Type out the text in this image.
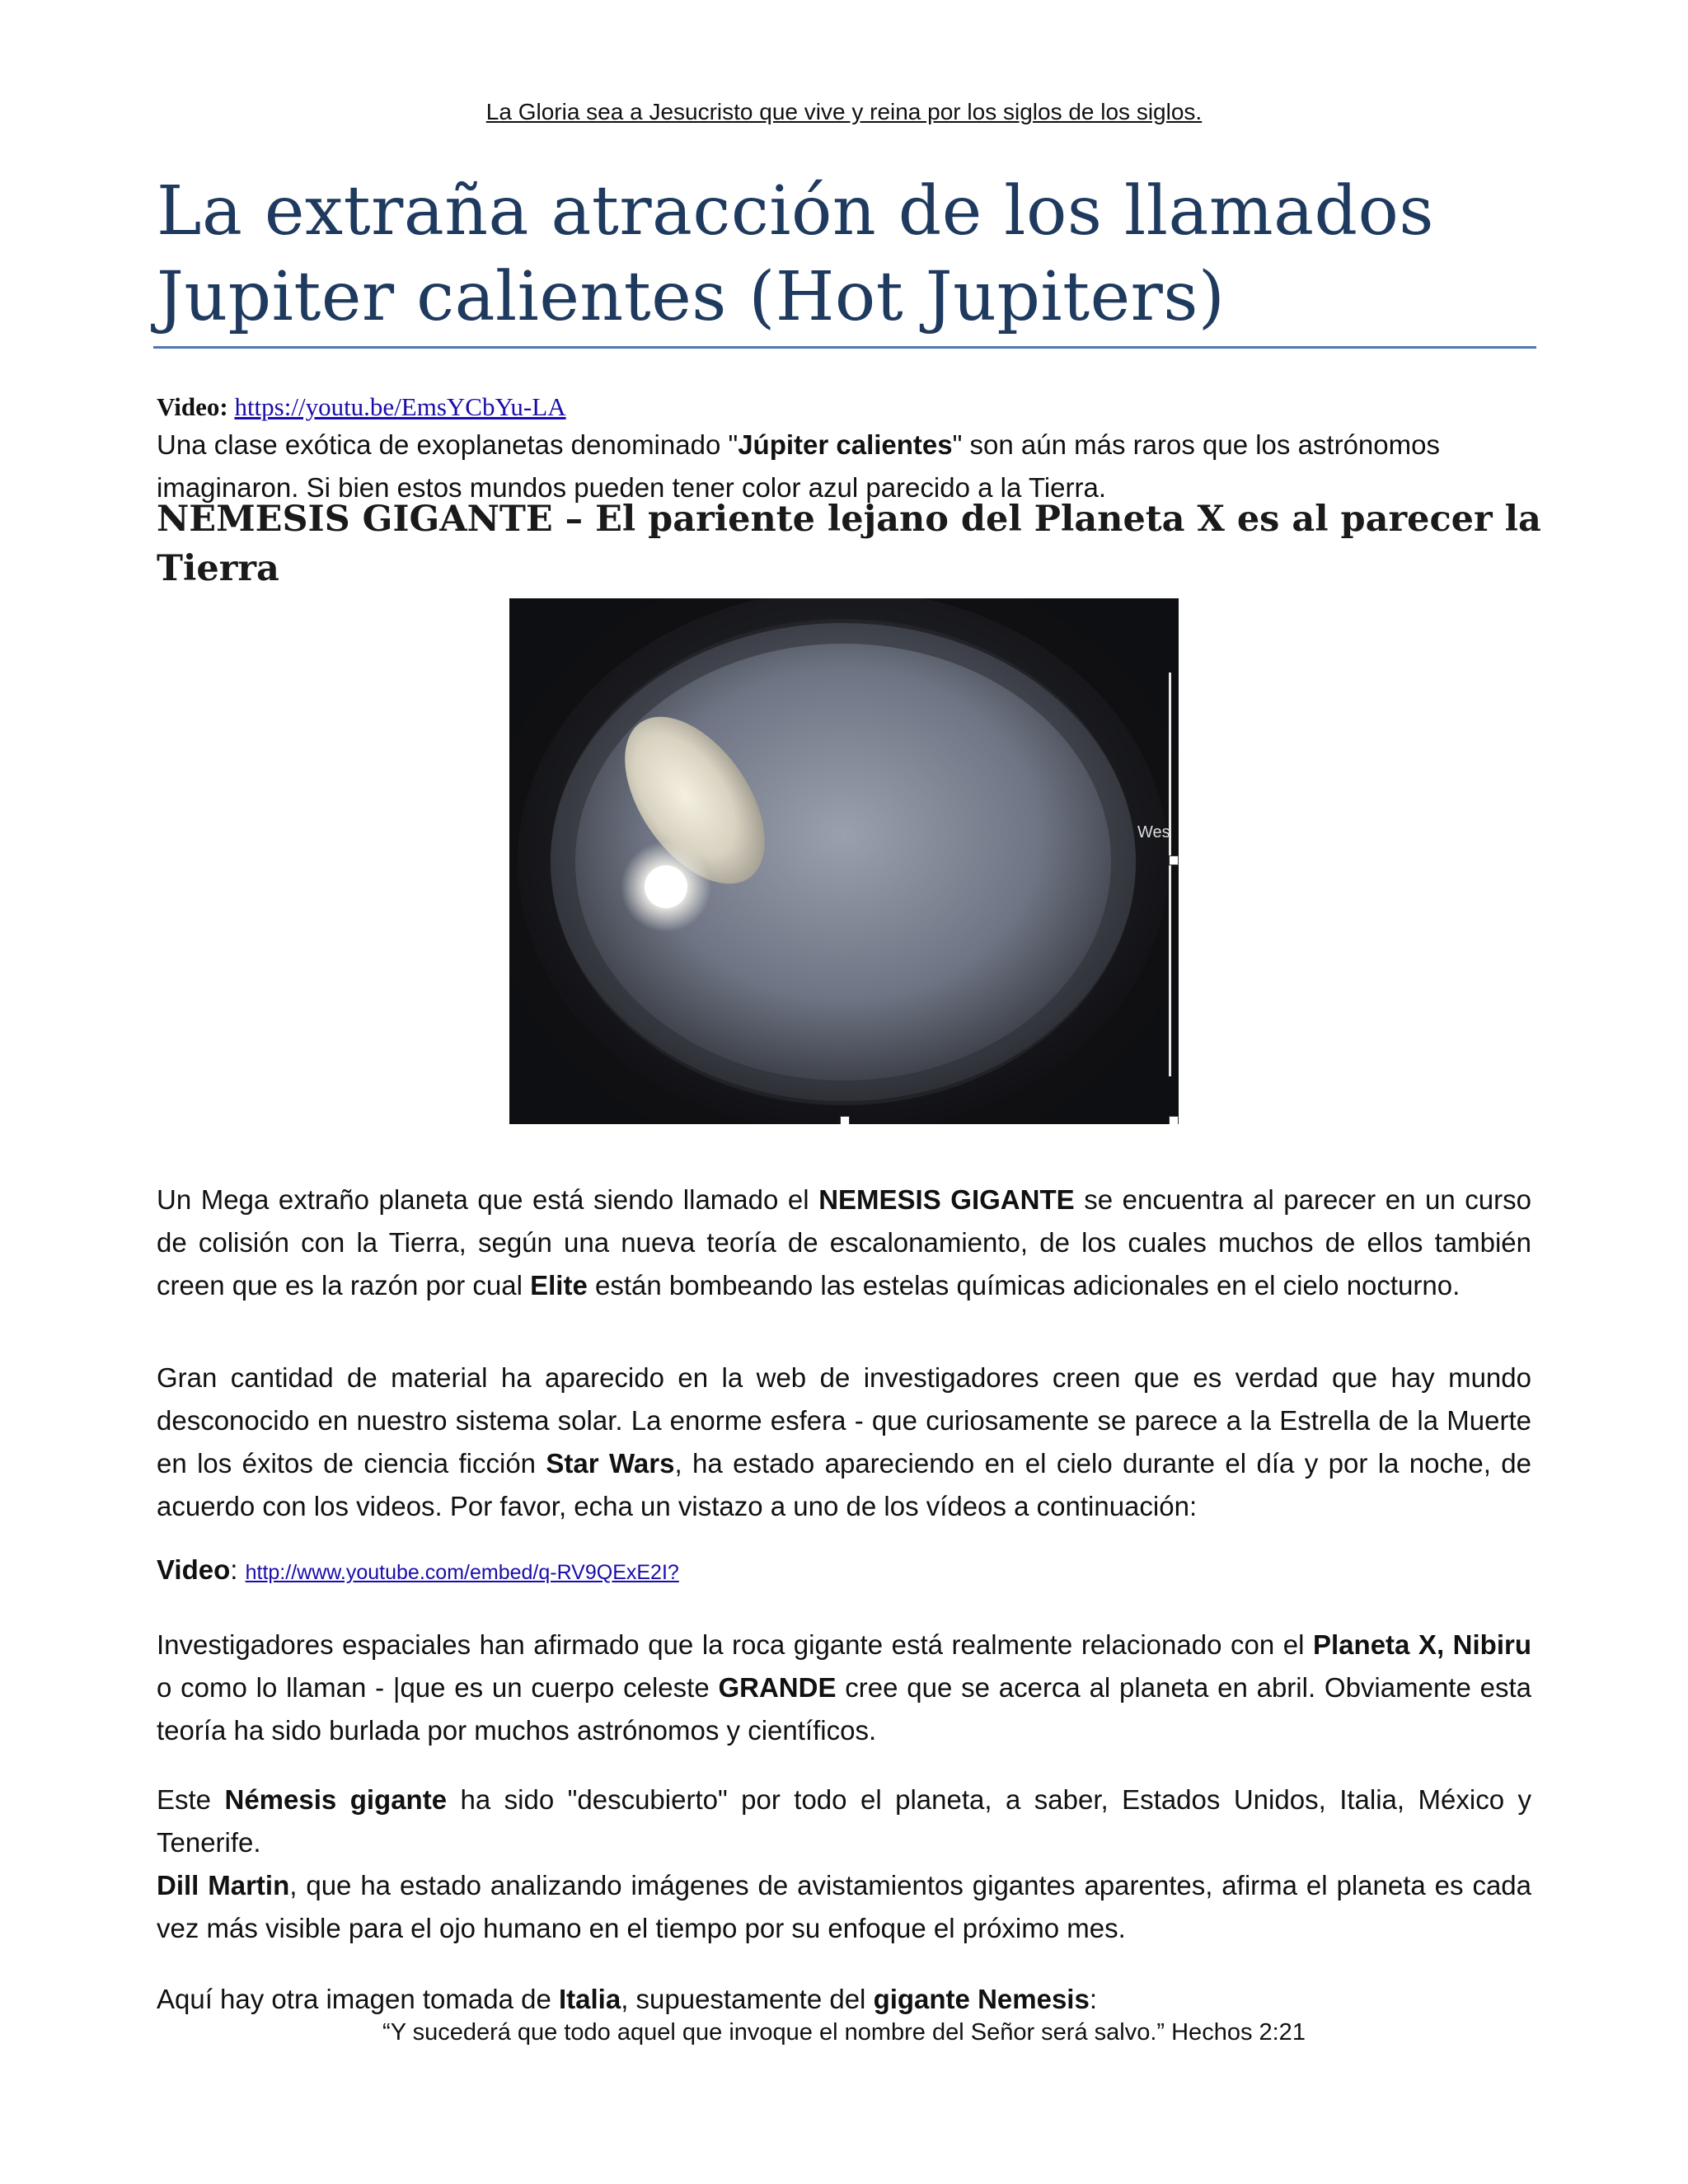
La Gloria sea a Jesucristo que vive y reina por los siglos de los siglos.
La extraña atracción de los llamados Jupiter calientes (Hot Jupiters)
Video: https://youtu.be/EmsYCbYu-LA
Una clase exótica de exoplanetas denominado "Júpiter calientes" son aún más raros que los astrónomos imaginaron. Si bien estos mundos pueden tener color azul parecido a la Tierra.
NEMESIS GIGANTE – El pariente lejano del Planeta X es al parecer la Tierra
Wes
Un Mega extraño planeta que está siendo llamado el NEMESIS GIGANTE se encuentra al parecer en un curso de colisión con la Tierra, según una nueva teoría de escalonamiento, de los cuales muchos de ellos también creen que es la razón por cual Elite están bombeando las estelas químicas adicionales en el cielo nocturno.
Gran cantidad de material ha aparecido en la web de investigadores creen que es verdad que hay mundo desconocido en nuestro sistema solar. La enorme esfera - que curiosamente se parece a la Estrella de la Muerte en los éxitos de ciencia ficción Star Wars, ha estado apareciendo en el cielo durante el día y por la noche, de acuerdo con los videos. Por favor, echa un vistazo a uno de los vídeos a continuación:
Video: http://www.youtube.com/embed/q-RV9QExE2I?
Investigadores espaciales han afirmado que la roca gigante está realmente relacionado con el Planeta X, Nibiru o como lo llaman - |que es un cuerpo celeste GRANDE cree que se acerca al planeta en abril. Obviamente esta teoría ha sido burlada por muchos astrónomos y científicos.
Este Némesis gigante ha sido "descubierto" por todo el planeta, a saber, Estados Unidos, Italia, México y Tenerife.
Dill Martin, que ha estado analizando imágenes de avistamientos gigantes aparentes, afirma el planeta es cada vez más visible para el ojo humano en el tiempo por su enfoque el próximo mes.
Aquí hay otra imagen tomada de Italia, supuestamente del gigante Nemesis:
“Y sucederá que todo aquel que invoque el nombre del Señor será salvo.” Hechos 2:21
